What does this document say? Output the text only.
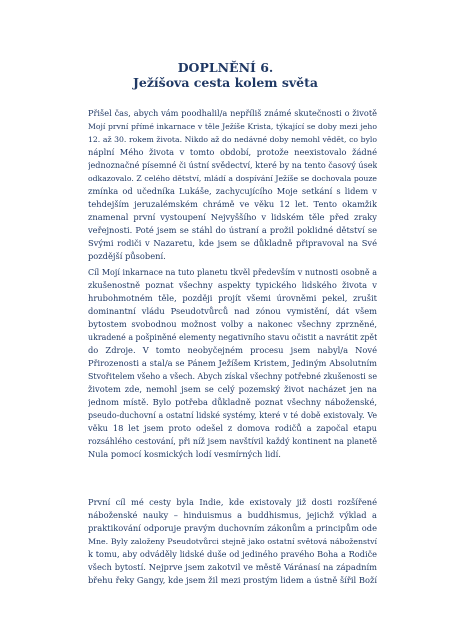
DOPLNĚNÍ 6.
Ježíšova cesta kolem světa
Přišel čas, abych vám poodhalil/a nepříliš známé skutečnosti o životě
Mojí první přímé inkarnace v těle Ježíše Krista, týkající se doby mezi jeho
12. až 30. rokem života. Nikdo až do nedávné doby nemohl vědět, co bylo
náplní Mého života v tomto období, protože neexistovalo žádné
jednoznačné písemné či ústní svědectví, které by na tento časový úsek
odkazovalo. Z celého dětství, mládí a dospívání Ježíše se dochovala pouze
zmínka od učedníka Lukáše, zachycujícího Moje setkání s lidem v
tehdejším jeruzalémském chrámě ve věku 12 let. Tento okamžik
znamenal první vystoupení Nejvyššího v lidském těle před zraky
veřejnosti. Poté jsem se stáhl do ústraní a prožil poklidné dětství se
Svými rodiči v Nazaretu, kde jsem se důkladně připravoval na Své
pozdější působení.
Cíl Mojí inkarnace na tuto planetu tkvěl především v nutnosti osobně a
zkušenostně poznat všechny aspekty typického lidského života v
hrubohmotném těle, později projít všemi úrovněmi pekel, zrušit
dominantní vládu Pseudotvůrců nad zónou vymistění, dát všem
bytostem svobodnou možnost volby a nakonec všechny zprzněné,
ukradené a pošpiněné elementy negativního stavu očistit a navrátit zpět
do Zdroje. V tomto neobyčejném procesu jsem nabyl/a Nové
Přirozenosti a stal/a se Pánem Ježíšem Kristem, Jediným Absolutním
Stvořitelem všeho a všech. Abych získal všechny potřebné zkušenosti se
životem zde, nemohl jsem se celý pozemský život nacházet jen na
jednom místě. Bylo potřeba důkladně poznat všechny náboženské,
pseudo-duchovní a ostatní lidské systémy, které v té době existovaly. Ve
věku 18 let jsem proto odešel z domova rodičů a započal etapu
rozsáhlého cestování, při níž jsem navštívil každý kontinent na planetě
Nula pomocí kosmických lodí vesmírných lidí.
První cíl mé cesty byla Indie, kde existovaly již dosti rozšířené
náboženské nauky – hinduismus a buddhismus, jejichž výklad a
praktikování odporuje pravým duchovním zákonům a principům ode
Mne. Byly založeny Pseudotvůrci stejně jako ostatní světová náboženství
k tomu, aby odváděly lidské duše od jediného pravého Boha a Rodiče
všech bytostí. Nejprve jsem zakotvil ve městě Váránasí na západním
břehu řeky Gangy, kde jsem žil mezi prostým lidem a ústně šířil Boží
